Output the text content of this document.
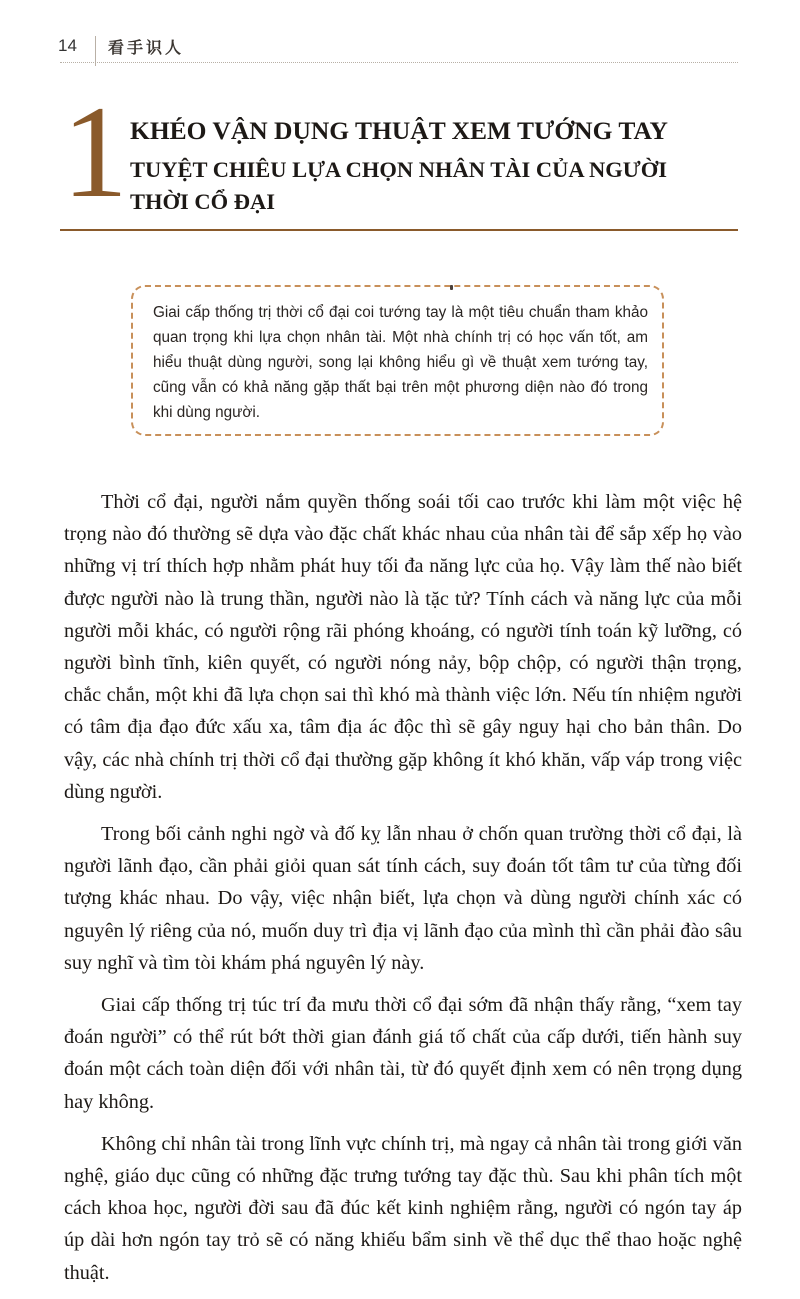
14 看手识人
1 KHÉO VẬN DỤNG THUẬT XEM TƯỚNG TAY
TUYỆT CHIÊU LỰA CHỌN NHÂN TÀI CỦA NGƯỜI THỜI CỔ ĐẠI
Giai cấp thống trị thời cổ đại coi tướng tay là một tiêu chuẩn tham khảo quan trọng khi lựa chọn nhân tài. Một nhà chính trị có học vấn tốt, am hiểu thuật dùng người, song lại không hiểu gì về thuật xem tướng tay, cũng vẫn có khả năng gặp thất bại trên một phương diện nào đó trong khi dùng người.

Thời cổ đại, người nắm quyền thống soái tối cao trước khi làm một việc hệ trọng nào đó thường sẽ dựa vào đặc chất khác nhau của nhân tài để sắp xếp họ vào những vị trí thích hợp nhằm phát huy tối đa năng lực của họ. Vậy làm thế nào biết được người nào là trung thần, người nào là tặc tử? Tính cách và năng lực của mỗi người mỗi khác, có người rộng rãi phóng khoáng, có người tính toán kỹ lưỡng, có người bình tĩnh, kiên quyết, có người nóng nảy, bộp chộp, có người thận trọng, chắc chắn, một khi đã lựa chọn sai thì khó mà thành việc lớn. Nếu tín nhiệm người có tâm địa đạo đức xấu xa, tâm địa ác độc thì sẽ gây nguy hại cho bản thân. Do vậy, các nhà chính trị thời cổ đại thường gặp không ít khó khăn, vấp váp trong việc dùng người.

Trong bối cảnh nghi ngờ và đố kỵ lẫn nhau ở chốn quan trường thời cổ đại, là người lãnh đạo, cần phải giỏi quan sát tính cách, suy đoán tốt tâm tư của từng đối tượng khác nhau. Do vậy, việc nhận biết, lựa chọn và dùng người chính xác có nguyên lý riêng của nó, muốn duy trì địa vị lãnh đạo của mình thì cần phải đào sâu suy nghĩ và tìm tòi khám phá nguyên lý này.

Giai cấp thống trị túc trí đa mưu thời cổ đại sớm đã nhận thấy rằng, “xem tay đoán người” có thể rút bớt thời gian đánh giá tố chất của cấp dưới, tiến hành suy đoán một cách toàn diện đối với nhân tài, từ đó quyết định xem có nên trọng dụng hay không.

Không chỉ nhân tài trong lĩnh vực chính trị, mà ngay cả nhân tài trong giới văn nghệ, giáo dục cũng có những đặc trưng tướng tay đặc thù. Sau khi phân tích một cách khoa học, người đời sau đã đúc kết kinh nghiệm rằng, người có ngón tay áp úp dài hơn ngón tay trỏ sẽ có năng khiếu bẩm sinh về thể dục thể thao hoặc nghệ thuật.
